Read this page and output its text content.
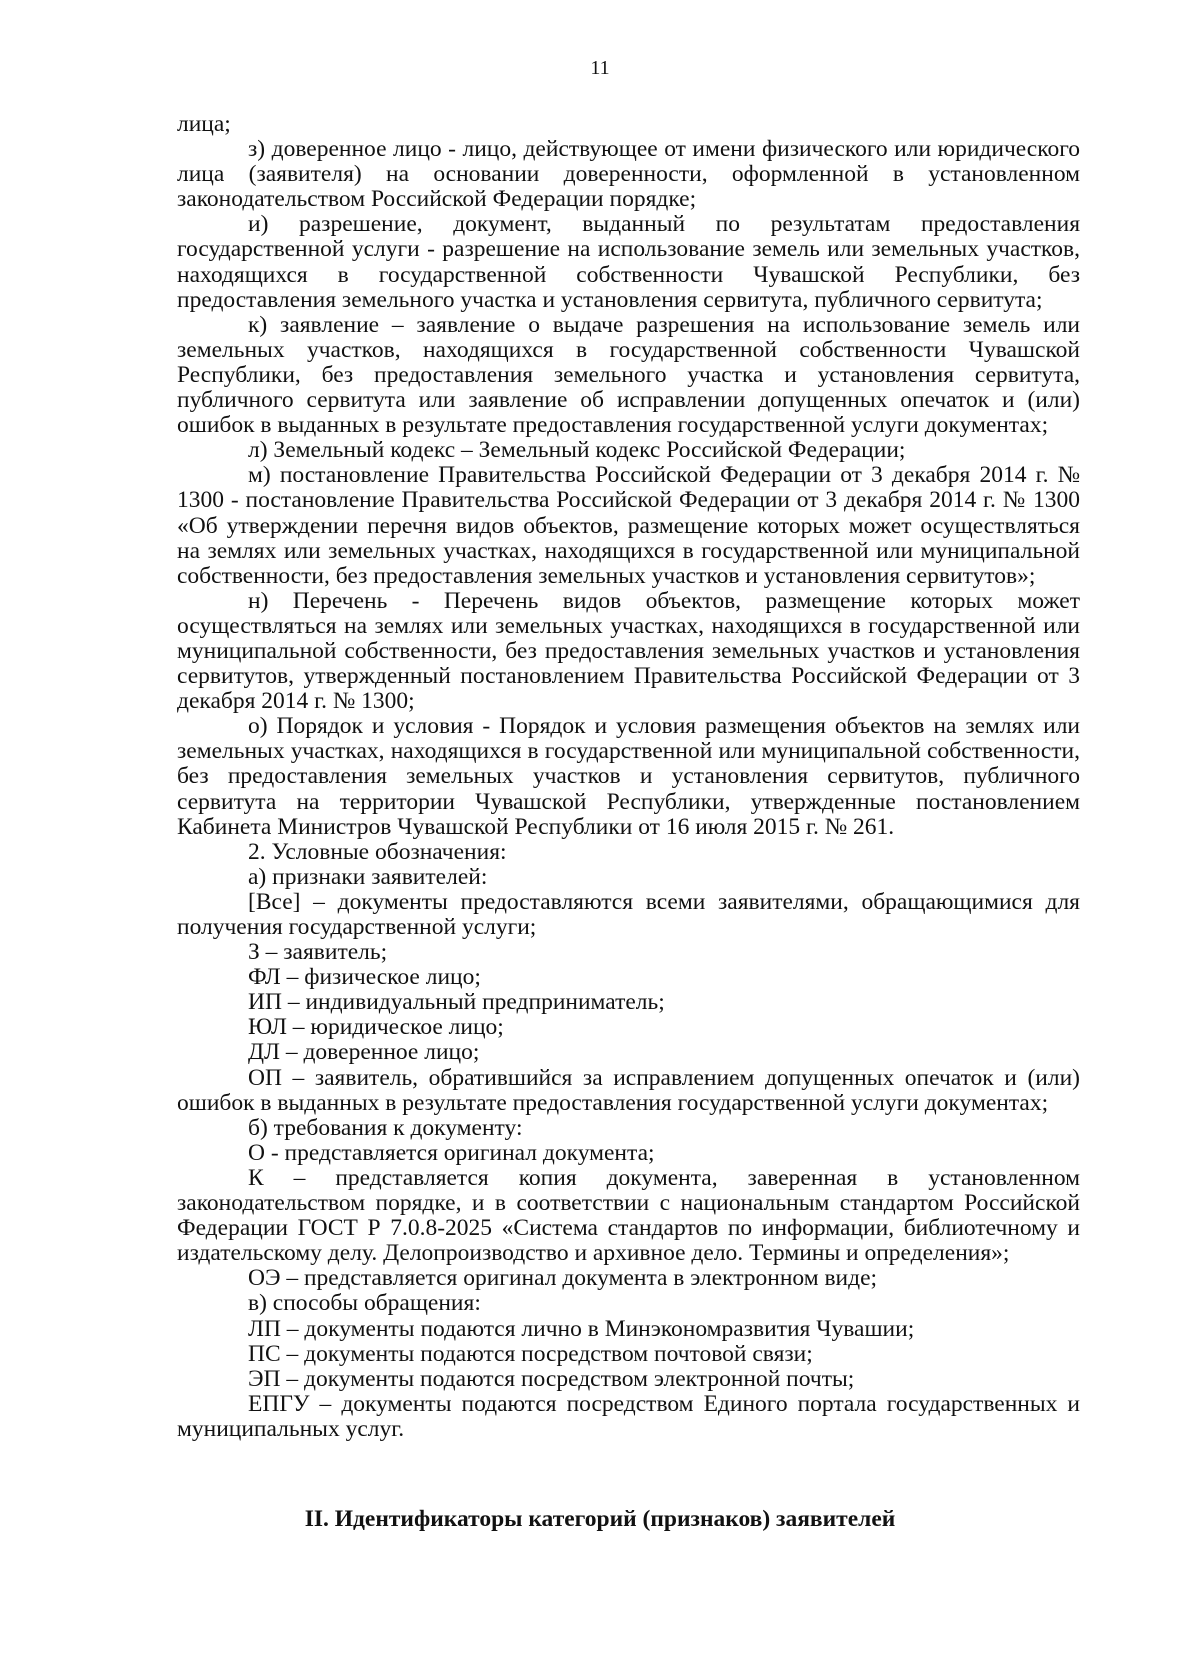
11

лица;

з) доверенное лицо - лицо, действующее от имени физического или юридического лица (заявителя) на основании доверенности, оформленной в установленном законодательством Российской Федерации порядке;

и) разрешение, документ, выданный по результатам предоставления государственной услуги - разрешение на использование земель или земельных участков, находящихся в государственной собственности Чувашской Республики, без предоставления земельного участка и установления сервитута, публичного сервитута;

к) заявление – заявление о выдаче разрешения на использование земель или земельных участков, находящихся в государственной собственности Чувашской Республики, без предоставления земельного участка и установления сервитута, публичного сервитута или заявление об исправлении допущенных опечаток и (или) ошибок в выданных в результате предоставления государственной услуги документах;

л) Земельный кодекс – Земельный кодекс Российской Федерации;

м) постановление Правительства Российской Федерации от 3 декабря 2014 г. № 1300 - постановление Правительства Российской Федерации от 3 декабря 2014 г. № 1300 «Об утверждении перечня видов объектов, размещение которых может осуществляться на землях или земельных участках, находящихся в государственной или муниципальной собственности, без предоставления земельных участков и установления сервитутов»;

н) Перечень - Перечень видов объектов, размещение которых может осуществляться на землях или земельных участках, находящихся в государственной или муниципальной собственности, без предоставления земельных участков и установления сервитутов, утвержденный постановлением Правительства Российской Федерации от 3 декабря 2014 г. № 1300;

о) Порядок и условия - Порядок и условия размещения объектов на землях или земельных участках, находящихся в государственной или муниципальной собственности, без предоставления земельных участков и установления сервитутов, публичного сервитута на территории Чувашской Республики, утвержденные постановлением Кабинета Министров Чувашской Республики от 16 июля 2015 г. № 261.

2. Условные обозначения:

а) признаки заявителей:

[Все] – документы предоставляются всеми заявителями, обращающимися для получения государственной услуги;

З – заявитель;

ФЛ – физическое лицо;

ИП – индивидуальный предприниматель;

ЮЛ – юридическое лицо;

ДЛ – доверенное лицо;

ОП – заявитель, обратившийся за исправлением допущенных опечаток и (или) ошибок в выданных в результате предоставления государственной услуги документах;

б) требования к документу:

О - представляется оригинал документа;

К – представляется копия документа, заверенная в установленном законодательством порядке, и в соответствии с национальным стандартом Российской Федерации ГОСТ Р 7.0.8-2025 «Система стандартов по информации, библиотечному и издательскому делу. Делопроизводство и архивное дело. Термины и определения»;

ОЭ – представляется оригинал документа в электронном виде;

в) способы обращения:

ЛП – документы подаются лично в Минэкономразвития Чувашии;

ПС – документы подаются посредством почтовой связи;

ЭП – документы подаются посредством электронной почты;

ЕПГУ – документы подаются посредством Единого портала государственных и муниципальных услуг.

II. Идентификаторы категорий (признаков) заявителей
